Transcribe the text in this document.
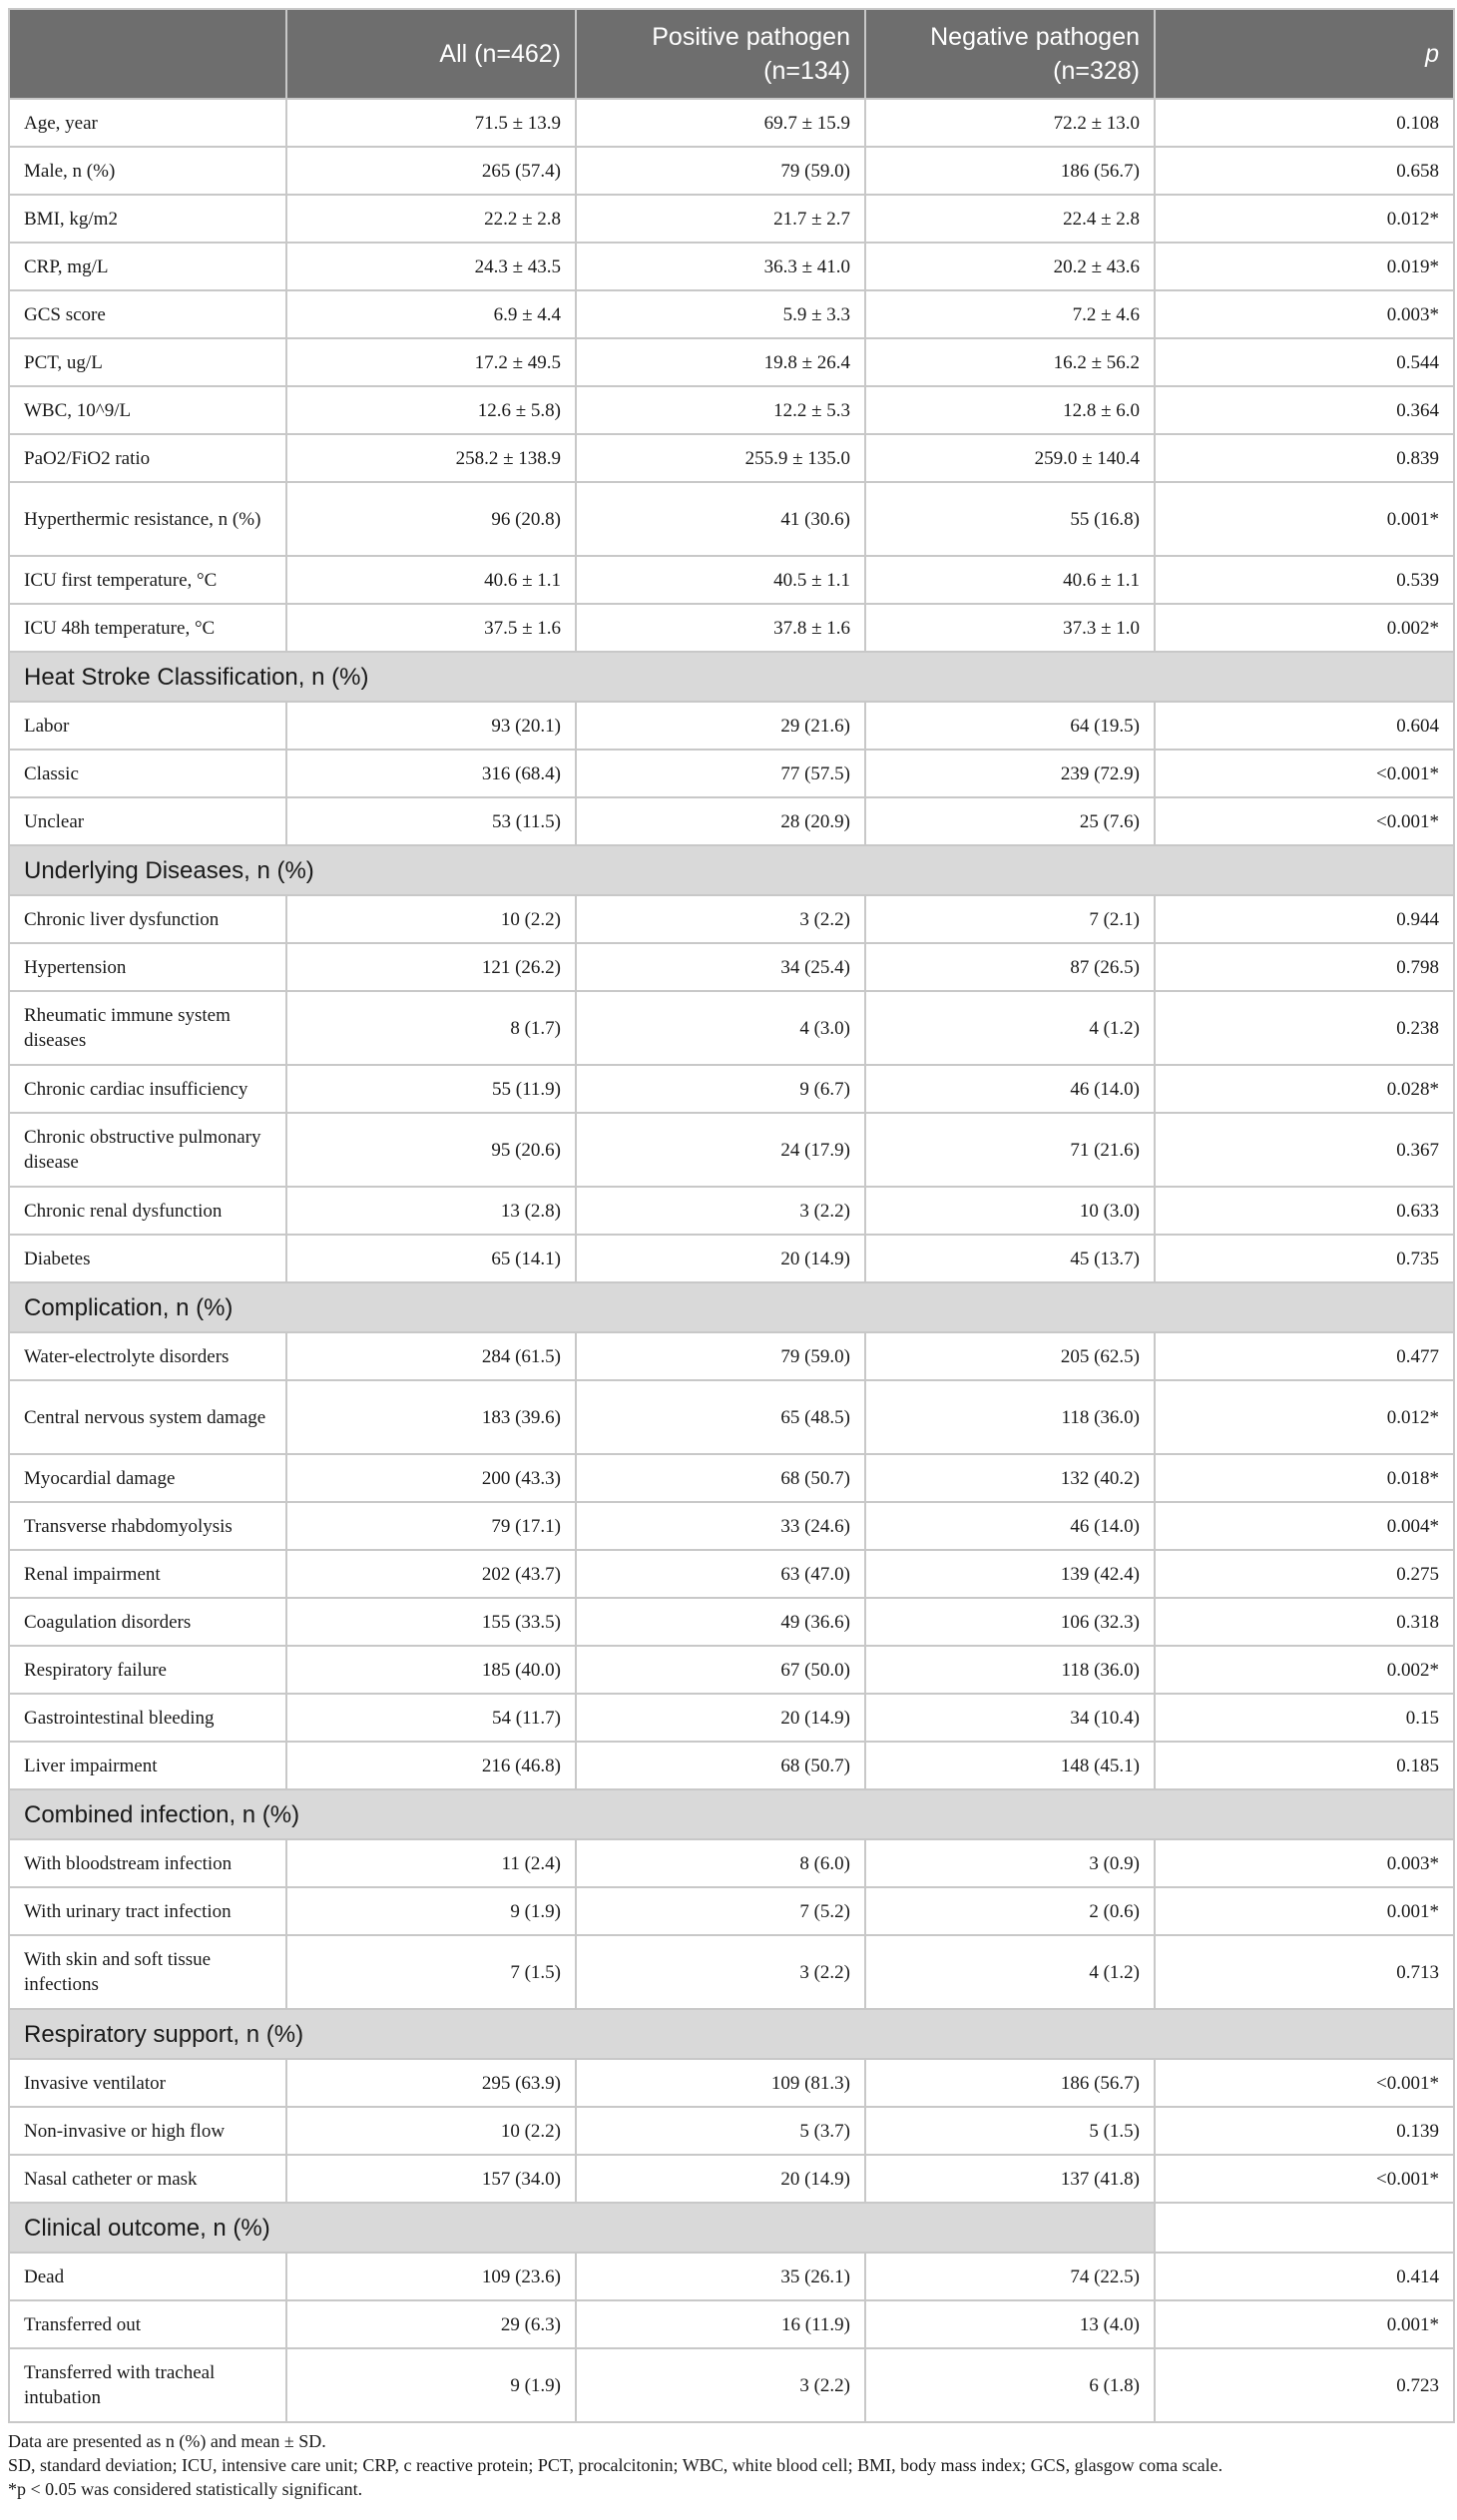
	All (n=462)	Positive pathogen (n=134)	Negative pathogen (n=328)	p
Age, year	71.5 ± 13.9	69.7 ± 15.9	72.2 ± 13.0	0.108
Male, n (%)	265 (57.4)	79 (59.0)	186 (56.7)	0.658
BMI, kg/m2	22.2 ± 2.8	21.7 ± 2.7	22.4 ± 2.8	0.012*
CRP, mg/L	24.3 ± 43.5	36.3 ± 41.0	20.2 ± 43.6	0.019*
GCS score	6.9 ± 4.4	5.9 ± 3.3	7.2 ± 4.6	0.003*
PCT, ug/L	17.2 ± 49.5	19.8 ± 26.4	16.2 ± 56.2	0.544
WBC, 10^9/L	12.6 ± 5.8)	12.2 ± 5.3	12.8 ± 6.0	0.364
PaO2/FiO2 ratio	258.2 ± 138.9	255.9 ± 135.0	259.0 ± 140.4	0.839
Hyperthermic resistance, n (%)	96 (20.8)	41 (30.6)	55 (16.8)	0.001*
ICU first temperature, °C	40.6 ± 1.1	40.5 ± 1.1	40.6 ± 1.1	0.539
ICU 48h temperature, °C	37.5 ± 1.6	37.8 ± 1.6	37.3 ± 1.0	0.002*
Heat Stroke Classification, n (%)				
Labor	93 (20.1)	29 (21.6)	64 (19.5)	0.604
Classic	316 (68.4)	77 (57.5)	239 (72.9)	<0.001*
Unclear	53 (11.5)	28 (20.9)	25 (7.6)	<0.001*
Underlying Diseases, n (%)				
Chronic liver dysfunction	10 (2.2)	3 (2.2)	7 (2.1)	0.944
Hypertension	121 (26.2)	34 (25.4)	87 (26.5)	0.798
Rheumatic immune system diseases	8 (1.7)	4 (3.0)	4 (1.2)	0.238
Chronic cardiac insufficiency	55 (11.9)	9 (6.7)	46 (14.0)	0.028*
Chronic obstructive pulmonary disease	95 (20.6)	24 (17.9)	71 (21.6)	0.367
Chronic renal dysfunction	13 (2.8)	3 (2.2)	10 (3.0)	0.633
Diabetes	65 (14.1)	20 (14.9)	45 (13.7)	0.735
Complication, n (%)				
Water-electrolyte disorders	284 (61.5)	79 (59.0)	205 (62.5)	0.477
Central nervous system damage	183 (39.6)	65 (48.5)	118 (36.0)	0.012*
Myocardial damage	200 (43.3)	68 (50.7)	132 (40.2)	0.018*
Transverse rhabdomyolysis	79 (17.1)	33 (24.6)	46 (14.0)	0.004*
Renal impairment	202 (43.7)	63 (47.0)	139 (42.4)	0.275
Coagulation disorders	155 (33.5)	49 (36.6)	106 (32.3)	0.318
Respiratory failure	185 (40.0)	67 (50.0)	118 (36.0)	0.002*
Gastrointestinal bleeding	54 (11.7)	20 (14.9)	34 (10.4)	0.15
Liver impairment	216 (46.8)	68 (50.7)	148 (45.1)	0.185
Combined infection, n (%)				
With bloodstream infection	11 (2.4)	8 (6.0)	3 (0.9)	0.003*
With urinary tract infection	9 (1.9)	7 (5.2)	2 (0.6)	0.001*
With skin and soft tissue infections	7 (1.5)	3 (2.2)	4 (1.2)	0.713
Respiratory support, n (%)				
Invasive ventilator	295 (63.9)	109 (81.3)	186 (56.7)	<0.001*
Non-invasive or high flow	10 (2.2)	5 (3.7)	5 (1.5)	0.139
Nasal catheter or mask	157 (34.0)	20 (14.9)	137 (41.8)	<0.001*
Clinical outcome, n (%)				
Dead	109 (23.6)	35 (26.1)	74 (22.5)	0.414
Transferred out	29 (6.3)	16 (11.9)	13 (4.0)	0.001*
Transferred with tracheal intubation	9 (1.9)	3 (2.2)	6 (1.8)	0.723
Data are presented as n (%) and mean ± SD.
SD, standard deviation; ICU, intensive care unit; CRP, c reactive protein; PCT, procalcitonin; WBC, white blood cell; BMI, body mass index; GCS, glasgow coma scale.
*p < 0.05 was considered statistically significant.
